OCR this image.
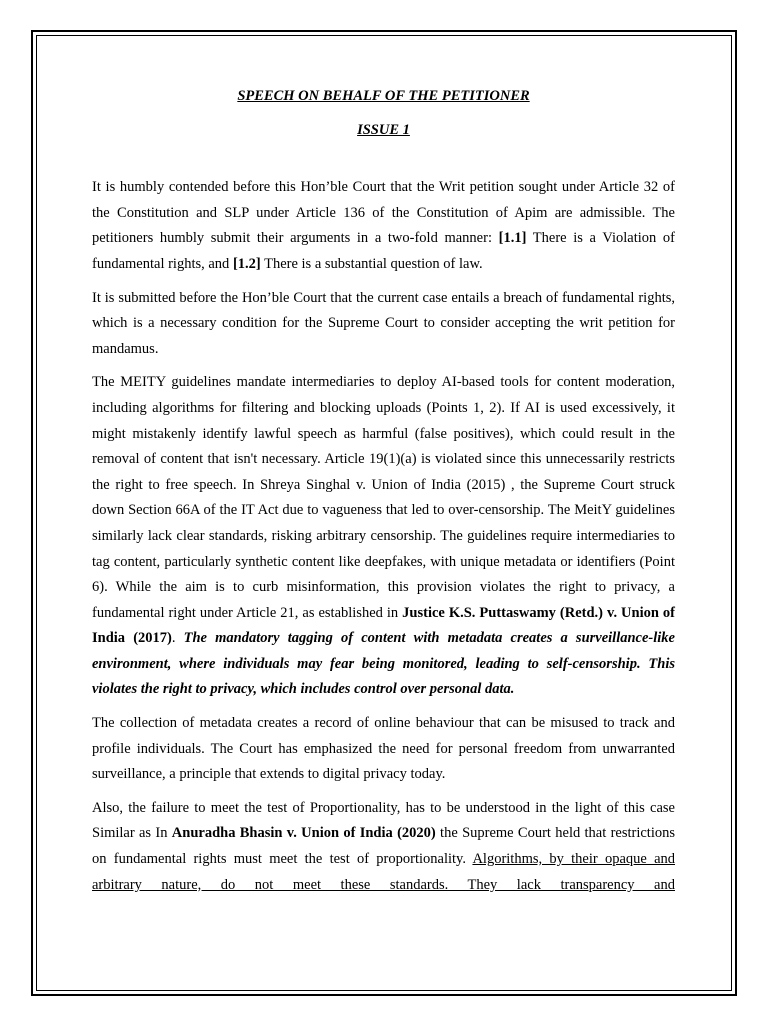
SPEECH ON BEHALF OF THE PETITIONER

ISSUE 1

It is humbly contended before this Hon’ble Court that the Writ petition sought under Article 32 of the Constitution and SLP under Article 136 of the Constitution of Apim are admissible. The petitioners humbly submit their arguments in a two-fold manner: [1.1] There is a Violation of fundamental rights, and [1.2] There is a substantial question of law.

It is submitted before the Hon’ble Court that the current case entails a breach of fundamental rights, which is a necessary condition for the Supreme Court to consider accepting the writ petition for mandamus.

The MEITY guidelines mandate intermediaries to deploy AI-based tools for content moderation, including algorithms for filtering and blocking uploads (Points 1, 2). If AI is used excessively, it might mistakenly identify lawful speech as harmful (false positives), which could result in the removal of content that isn't necessary. Article 19(1)(a) is violated since this unnecessarily restricts the right to free speech. In Shreya Singhal v. Union of India (2015) , the Supreme Court struck down Section 66A of the IT Act due to vagueness that led to over-censorship. The MeitY guidelines similarly lack clear standards, risking arbitrary censorship. The guidelines require intermediaries to tag content, particularly synthetic content like deepfakes, with unique metadata or identifiers (Point 6). While the aim is to curb misinformation, this provision violates the right to privacy, a fundamental right under Article 21, as established in Justice K.S. Puttaswamy (Retd.) v. Union of India (2017). The mandatory tagging of content with metadata creates a surveillance-like environment, where individuals may fear being monitored, leading to self-censorship. This violates the right to privacy, which includes control over personal data.

The collection of metadata creates a record of online behaviour that can be misused to track and profile individuals. The Court has emphasized the need for personal freedom from unwarranted surveillance, a principle that extends to digital privacy today.

Also, the failure to meet the test of Proportionality, has to be understood in the light of this case Similar as In Anuradha Bhasin v. Union of India (2020) the Supreme Court held that restrictions on fundamental rights must meet the test of proportionality. Algorithms, by their opaque and arbitrary nature, do not meet these standards. They lack transparency and
